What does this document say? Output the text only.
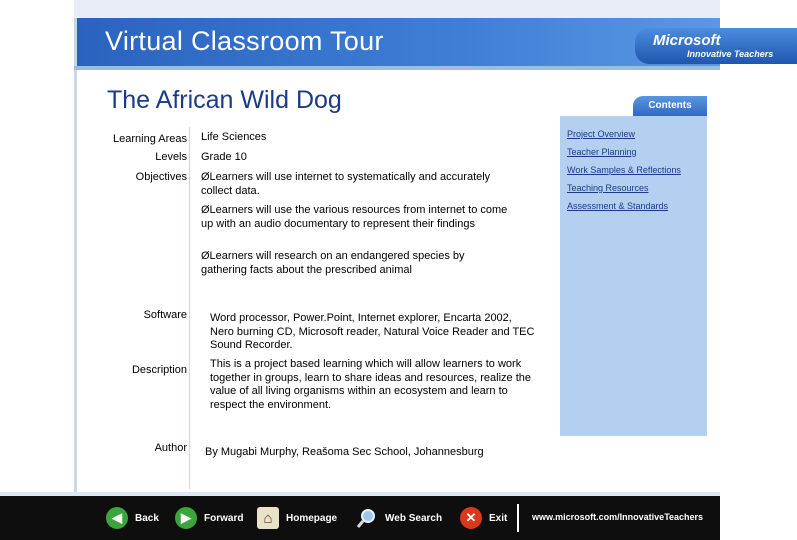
Virtual Classroom Tour	Microsoft
Innovative Teachers
The African Wild Dog
Learning Areas Life Sciences
Levels Grade 10
Objectives ØLearners will use internet to systematically and accurately collect data.
ØLearners will use the various resources from internet to come up with an audio documentary to represent their findings
ØLearners will research on an endangered species by gathering facts about the prescribed animal
Software Word processor, Power.Point, Internet explorer, Encarta 2002, Nero burning CD, Microsoft reader, Natural Voice Reader and TEC Sound Recorder.
Description This is a project based learning which will allow learners to work together in groups, learn to share ideas and resources, realize the value of all living organisms within an ecosystem and learn to respect the environment.
Author By Mugabi Murphy, Reašoma Sec School, Johannesburg
Contents
Project Overview
Teacher Planning
Work Samples & Reflections
Teaching Resources
Assessment & Standards
◀	Back	▶	Forward	⌂	Homepage	Web Search	✕	Exit	www.microsoft.com/InnovativeTeachers
